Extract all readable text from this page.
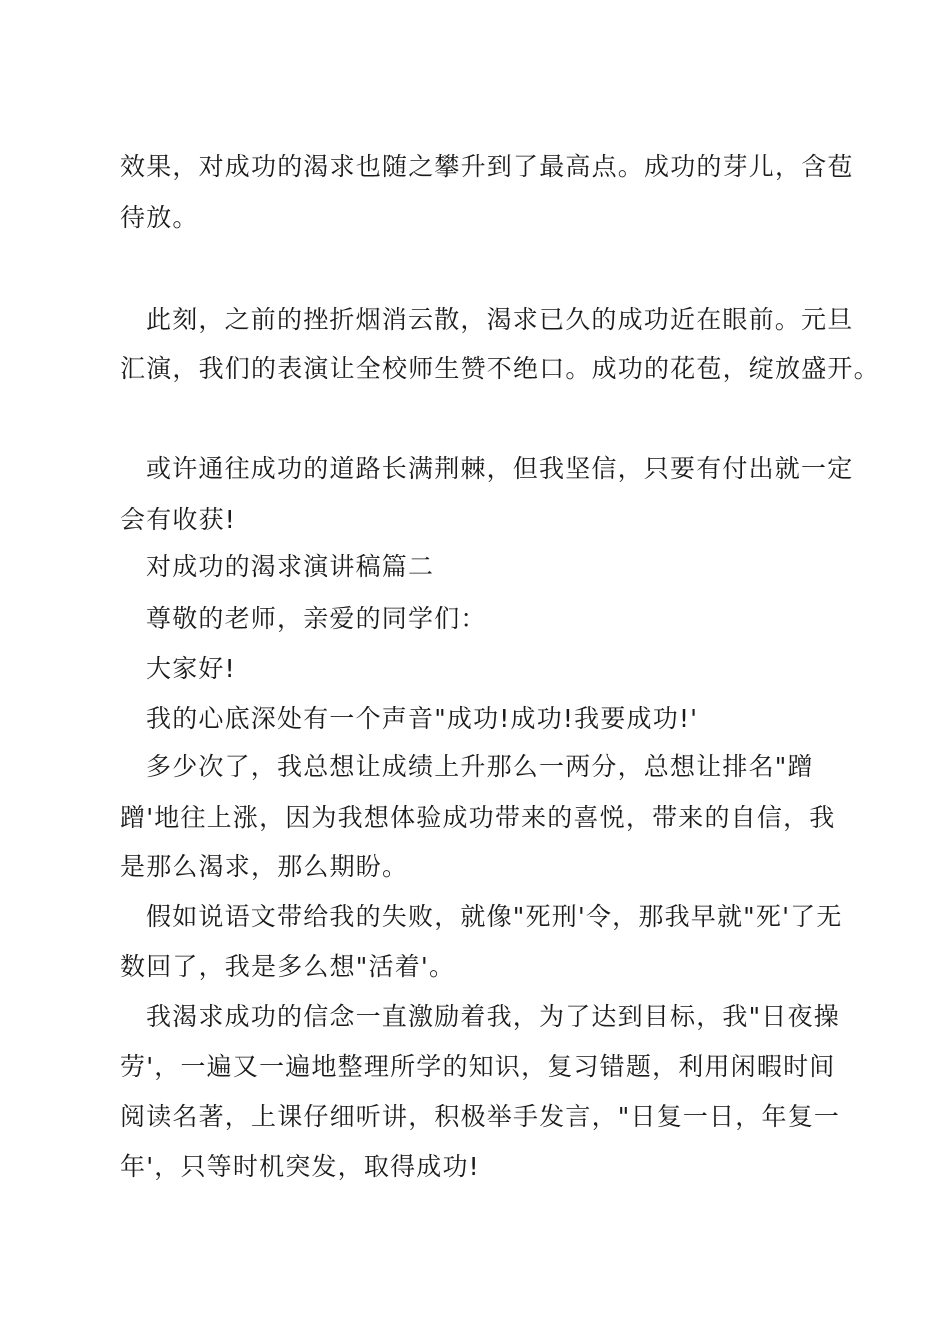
效果，对成功的渴求也随之攀升到了最高点。成功的芽儿，含苞
待放。
此刻，之前的挫折烟消云散，渴求已久的成功近在眼前。元旦
汇演，我们的表演让全校师生赞不绝口。成功的花苞，绽放盛开。
或许通往成功的道路长满荆棘，但我坚信，只要有付出就一定
会有收获!
对成功的渴求演讲稿篇二
尊敬的老师，亲爱的同学们：
大家好!
我的心底深处有一个声音"成功!成功!我要成功!'
多少次了，我总想让成绩上升那么一两分，总想让排名"蹭
蹭'地往上涨，因为我想体验成功带来的喜悦，带来的自信，我
是那么渴求，那么期盼。
假如说语文带给我的失败，就像"死刑'令，那我早就"死'了无
数回了，我是多么想"活着'。
我渴求成功的信念一直激励着我，为了达到目标，我"日夜操
劳'，一遍又一遍地整理所学的知识，复习错题，利用闲暇时间
阅读名著，上课仔细听讲，积极举手发言，"日复一日，年复一
年'，只等时机突发，取得成功!
